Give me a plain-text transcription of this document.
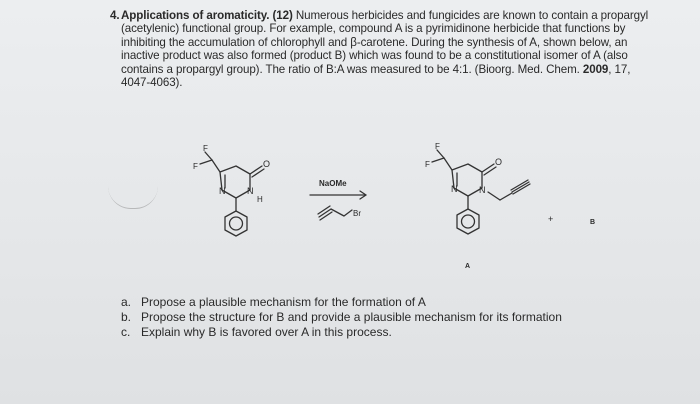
4. Applications of aromaticity. (12) Numerous herbicides and fungicides are known to contain a propargyl (acetylenic) functional group. For example, compound A is a pyrimidinone herbicide that functions by inhibiting the accumulation of chlorophyll and β-carotene. During the synthesis of A, shown below, an inactive product was also formed (product B) which was found to be a constitutional isomer of A (also contains a propargyl group). The ratio of B:A was measured to be 4:1. (Bioorg. Med. Chem. 2009, 17, 4047-4063).
F
F	O
N N
H
NaOMe
Br
F
F	O
N N
+
A
B
a. Propose a plausible mechanism for the formation of A
b. Propose the structure for B and provide a plausible mechanism for its formation
c. Explain why B is favored over A in this process.
